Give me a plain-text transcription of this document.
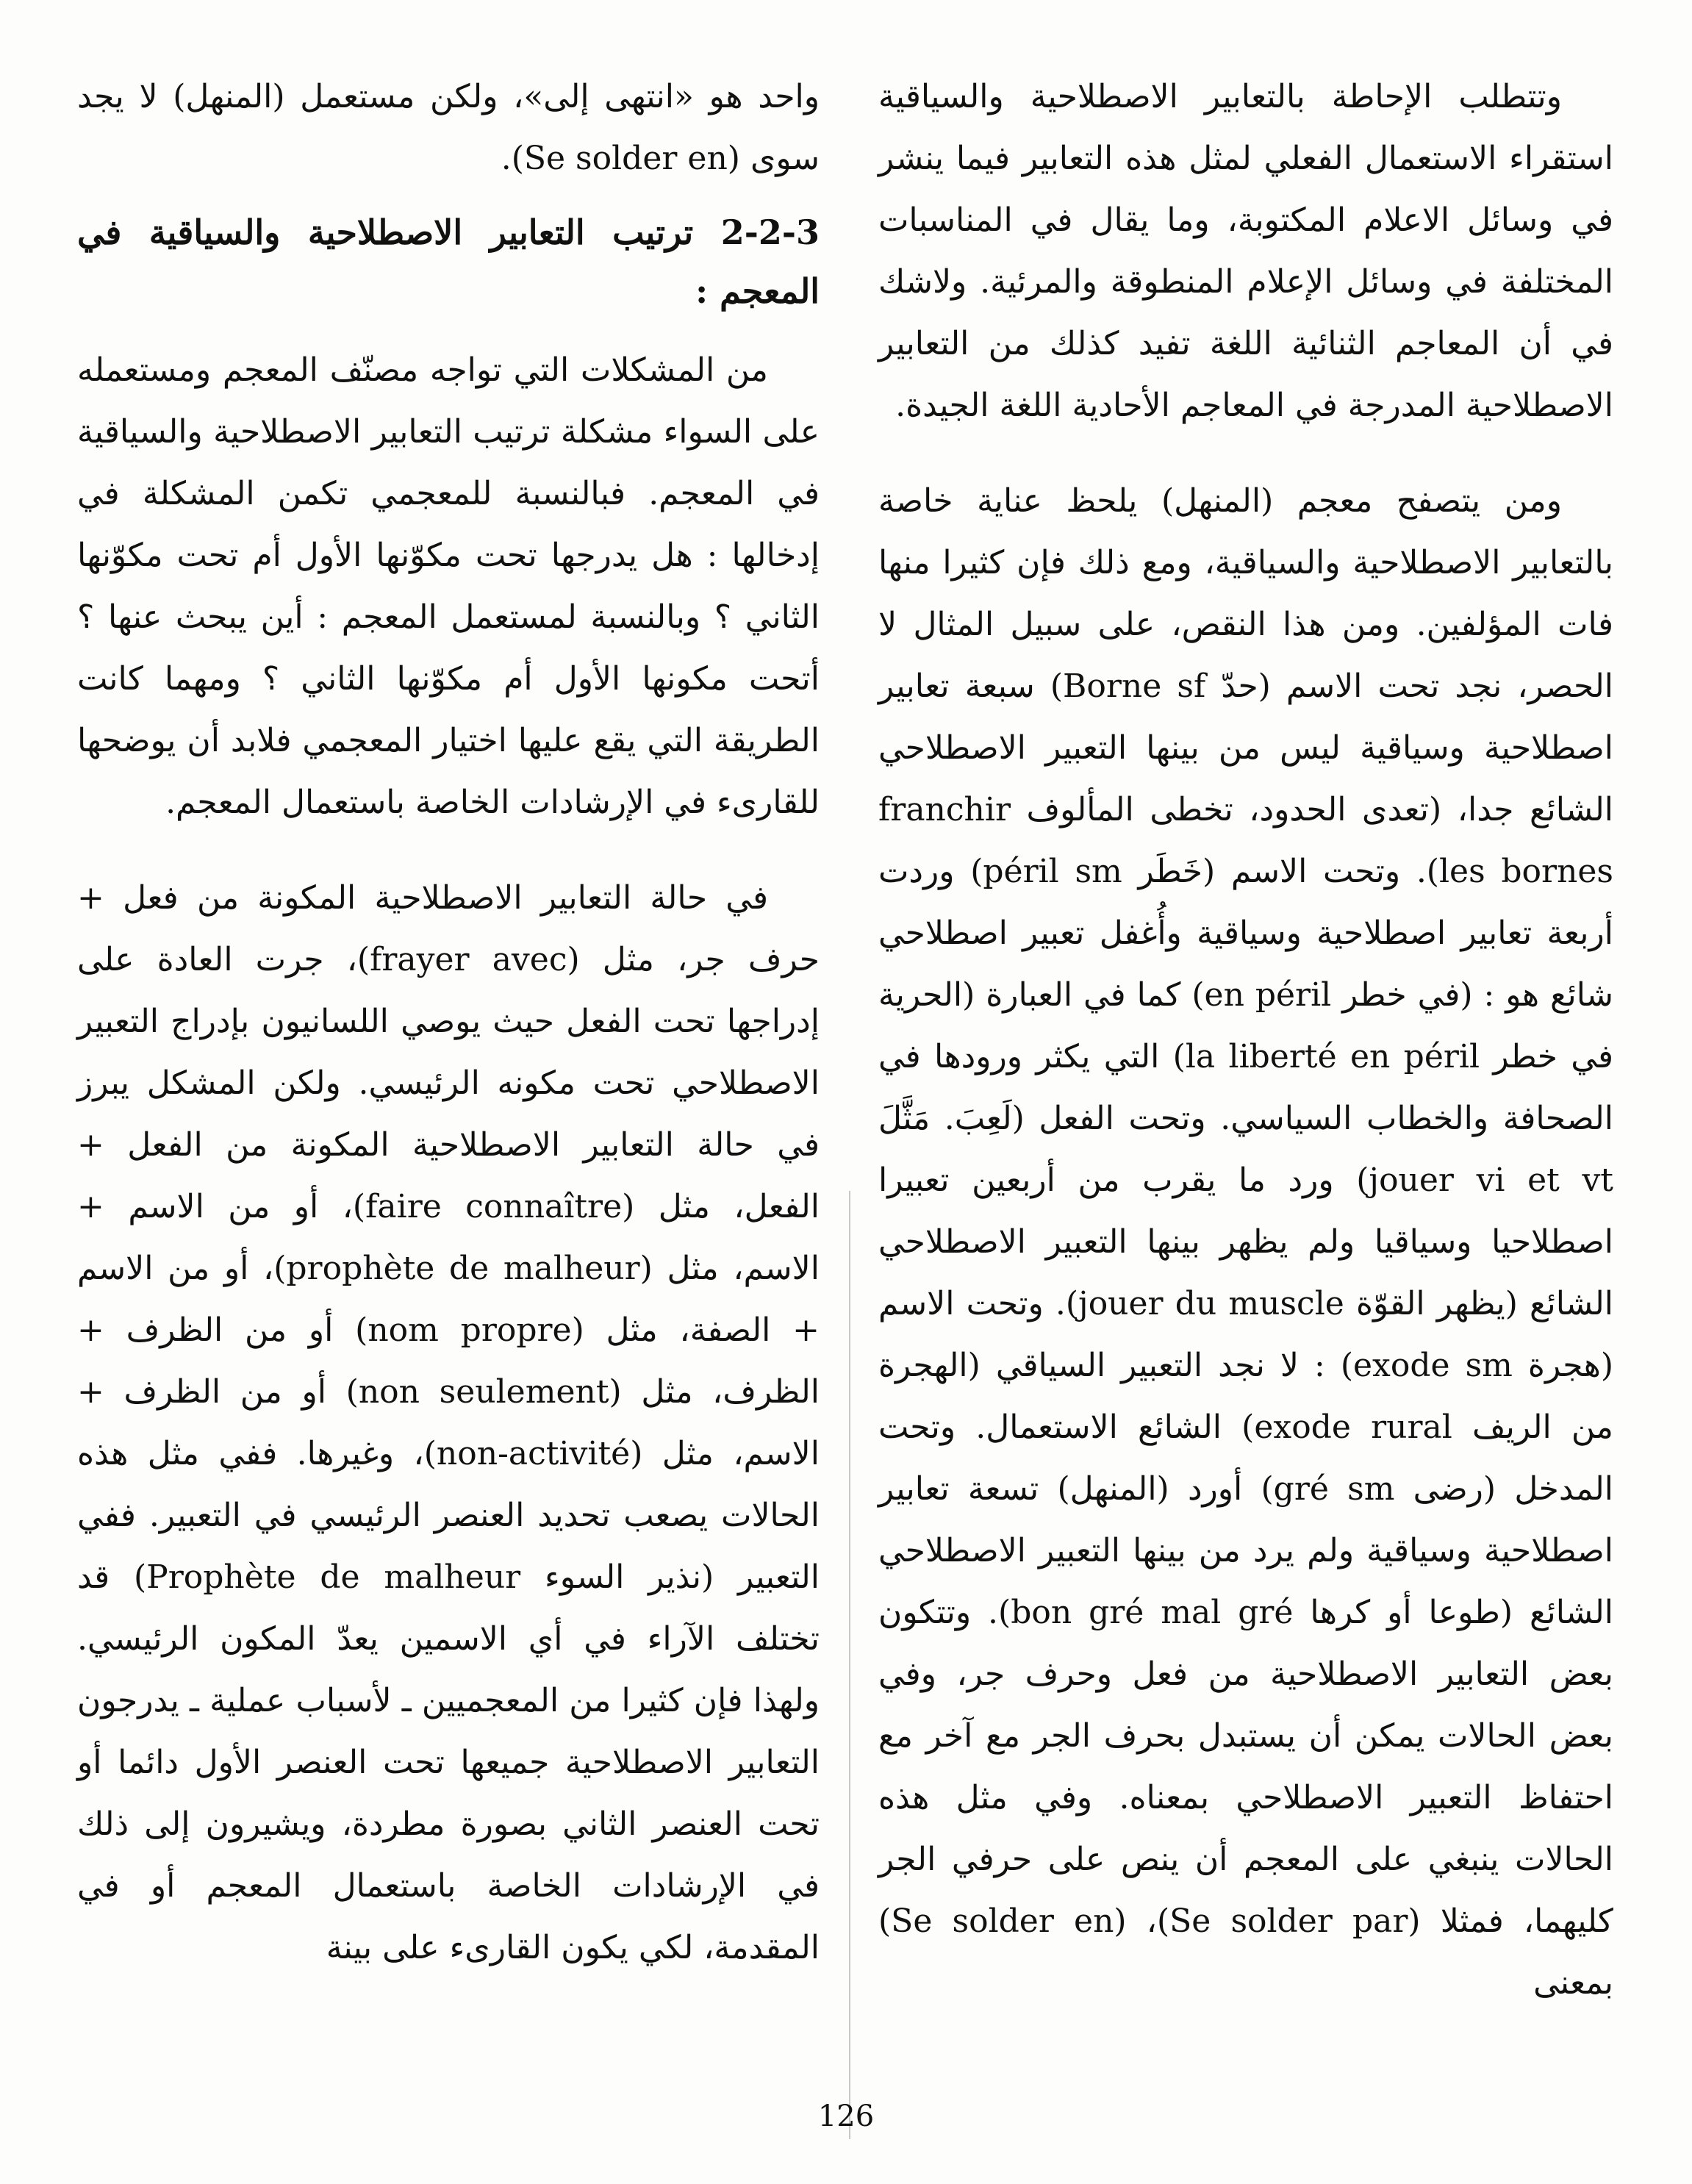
وتتطلب الإحاطة بالتعابير الاصطلاحية والسياقية استقراء الاستعمال الفعلي لمثل هذه التعابير فيما ينشر في وسائل الاعلام المكتوبة، وما يقال في المناسبات المختلفة في وسائل الإعلام المنطوقة والمرئية. ولاشك في أن المعاجم الثنائية اللغة تفيد كذلك من التعابير الاصطلاحية المدرجة في المعاجم الأحادية اللغة الجيدة.

ومن يتصفح معجم (المنهل) يلحظ عناية خاصة بالتعابير الاصطلاحية والسياقية، ومع ذلك فإن كثيرا منها فات المؤلفين. ومن هذا النقص، على سبيل المثال لا الحصر، نجد تحت الاسم (حدّ Borne sf) سبعة تعابير اصطلاحية وسياقية ليس من بينها التعبير الاصطلاحي الشائع جدا، (تعدى الحدود، تخطى المألوف franchir les bornes). وتحت الاسم (خَطَر péril sm) وردت أربعة تعابير اصطلاحية وسياقية وأُغفل تعبير اصطلاحي شائع هو : (في خطر en péril) كما في العبارة (الحرية في خطر la liberté en péril) التي يكثر ورودها في الصحافة والخطاب السياسي. وتحت الفعل (لَعِبَ. مَثَّلَ jouer vi et vt) ورد ما يقرب من أربعين تعبيرا اصطلاحيا وسياقيا ولم يظهر بينها التعبير الاصطلاحي الشائع (يظهر القوّة jouer du muscle). وتحت الاسم (هجرة exode sm) : لا نجد التعبير السياقي (الهجرة من الريف exode rural) الشائع الاستعمال. وتحت المدخل (رضى gré sm) أورد (المنهل) تسعة تعابير اصطلاحية وسياقية ولم يرد من بينها التعبير الاصطلاحي الشائع (طوعا أو كرها bon gré mal gré). وتتكون بعض التعابير الاصطلاحية من فعل وحرف جر، وفي بعض الحالات يمكن أن يستبدل بحرف الجر مع آخر مع احتفاظ التعبير الاصطلاحي بمعناه. وفي مثل هذه الحالات ينبغي على المعجم أن ينص على حرفي الجر كليهما، فمثلا (Se solder par)، (Se solder en) بمعنى

واحد هو «انتهى إلى»، ولكن مستعمل (المنهل) لا يجد سوى (Se solder en).

2-2-3 ترتيب التعابير الاصطلاحية والسياقية في المعجم :

من المشكلات التي تواجه مصنّف المعجم ومستعمله على السواء مشكلة ترتيب التعابير الاصطلاحية والسياقية في المعجم. فبالنسبة للمعجمي تكمن المشكلة في إدخالها : هل يدرجها تحت مكوّنها الأول أم تحت مكوّنها الثاني ؟ وبالنسبة لمستعمل المعجم : أين يبحث عنها ؟ أتحت مكونها الأول أم مكوّنها الثاني ؟ ومهما كانت الطريقة التي يقع عليها اختيار المعجمي فلابد أن يوضحها للقارىء في الإرشادات الخاصة باستعمال المعجم.

في حالة التعابير الاصطلاحية المكونة من فعل + حرف جر، مثل (frayer avec)، جرت العادة على إدراجها تحت الفعل حيث يوصي اللسانيون بإدراج التعبير الاصطلاحي تحت مكونه الرئيسي. ولكن المشكل يبرز في حالة التعابير الاصطلاحية المكونة من الفعل + الفعل، مثل (faire connaître)، أو من الاسم + الاسم، مثل (prophète de malheur)، أو من الاسم + الصفة، مثل (nom propre) أو من الظرف + الظرف، مثل (non seulement) أو من الظرف + الاسم، مثل (non-activité)، وغيرها. ففي مثل هذه الحالات يصعب تحديد العنصر الرئيسي في التعبير. ففي التعبير (نذير السوء Prophète de malheur) قد تختلف الآراء في أي الاسمين يعدّ المكون الرئيسي. ولهذا فإن كثيرا من المعجميين ـ لأسباب عملية ـ يدرجون التعابير الاصطلاحية جميعها تحت العنصر الأول دائما أو تحت العنصر الثاني بصورة مطردة، ويشيرون إلى ذلك في الإرشادات الخاصة باستعمال المعجم أو في المقدمة، لكي يكون القارىء على بينة

126
